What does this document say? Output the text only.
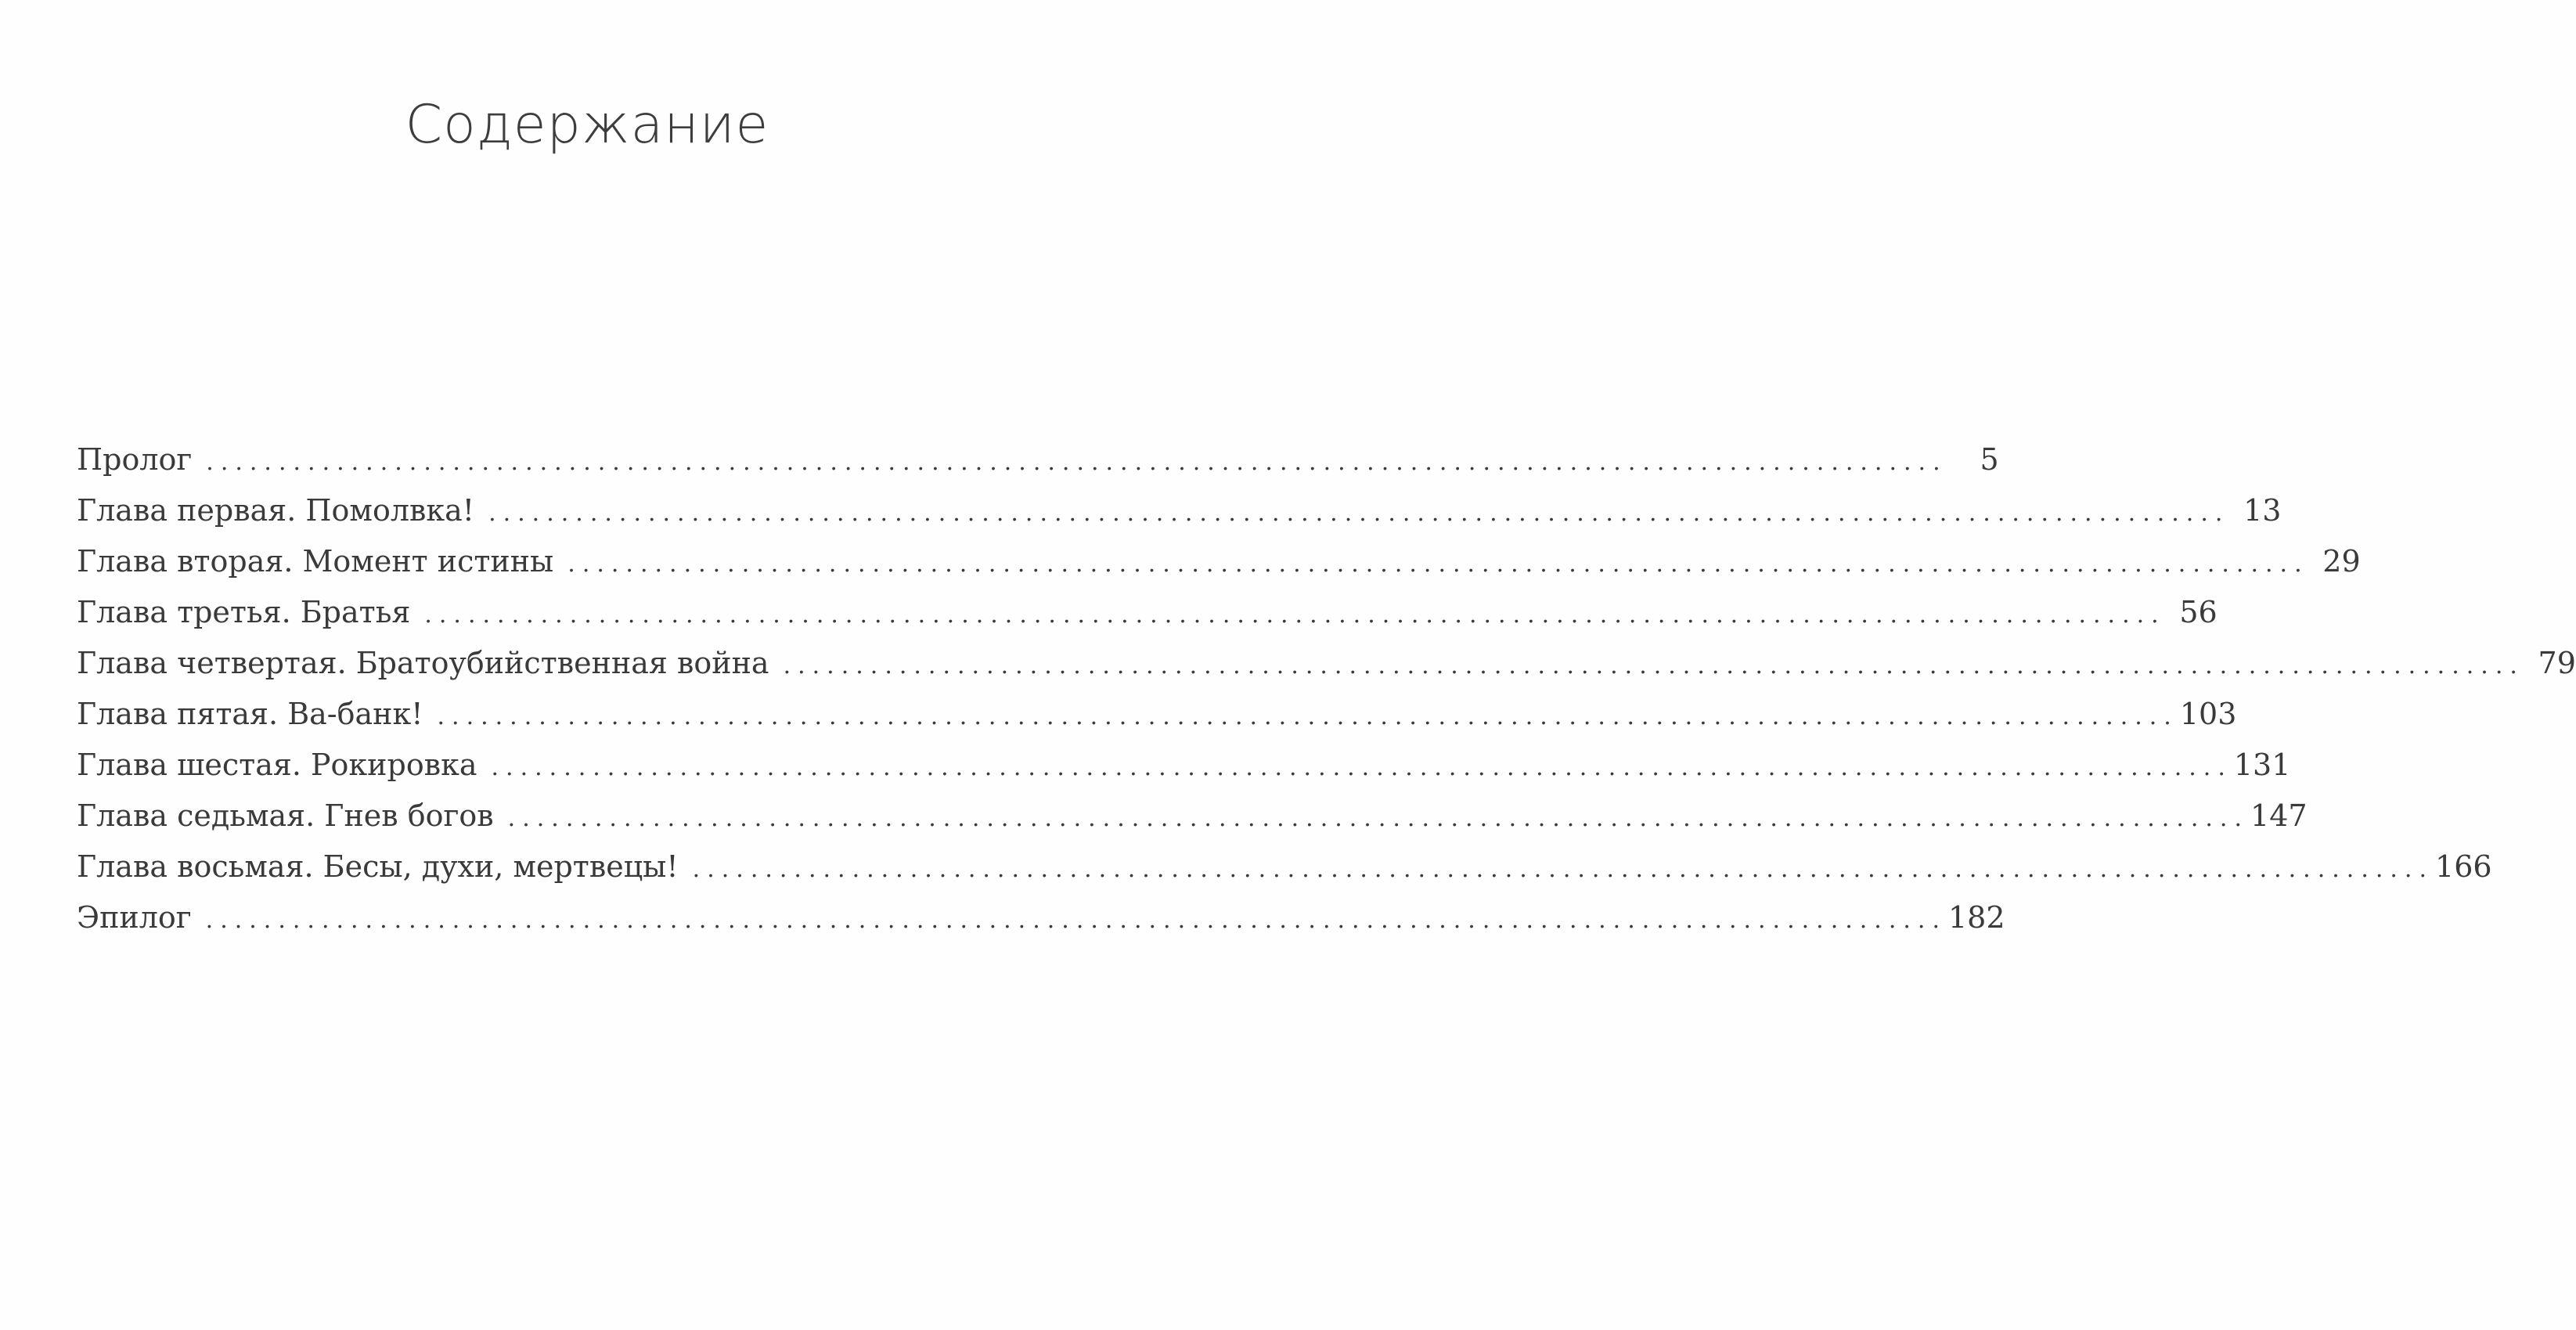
Содержание
Пролог ........................................................................................................................	5
Глава первая. Помолвка! ........................................................................................................................ 13
Глава вторая. Момент истины ........................................................................................................................ 29
Глава третья. Братья ........................................................................................................................ 56
Глава четвертая. Братоубийственная война ........................................................................................................................ 79
Глава пятая. Ва-банк! ........................................................................................................................ 103
Глава шестая. Рокировка ........................................................................................................................ 131
Глава седьмая. Гнев богов ........................................................................................................................ 147
Глава восьмая. Бесы, духи, мертвецы! ........................................................................................................................ 166
Эпилог ........................................................................................................................ 182
